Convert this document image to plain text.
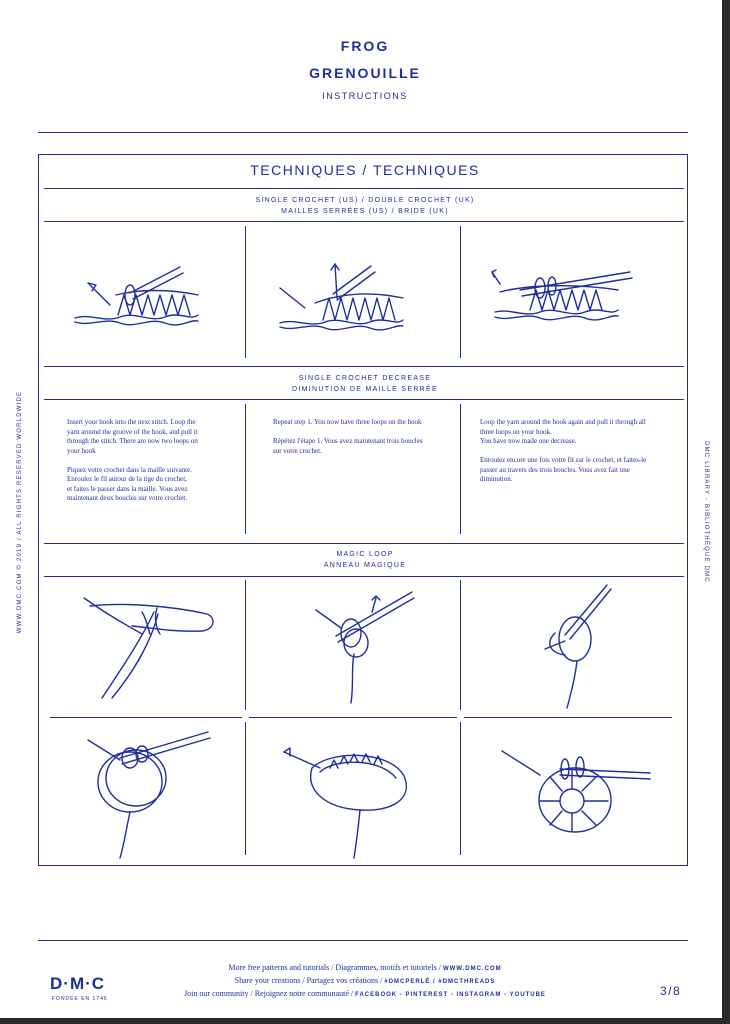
FROG
GRENOUILLE
INSTRUCTIONS
TECHNIQUES / TECHNIQUES
SINGLE CROCHET (US) / DOUBLE CROCHET (UK)
MAILLES SERRÉES (US) / BRIDE (UK)
SINGLE CROCHET DECREASE
DIMINUTION DE MAILLE SERRÉE
Insert your hook into the next stitch. Loop the
yarn around the groove of the hook, and pull it
through the stitch. There are now two loops on
your hook

Piquez votre crochet dans la maille suivante.
Enroulez le fil autour de la tige du crochet,
et faites le passer dans la maille. Vous avez
maintenant deux boucles sur votre crochet.
Repeat step 1. You now have three loops on the hook

Répétez l'étape 1. Vous avez maintenant trois boucles
sur votre crochet.
Loop the yarn around the hook again and pull it through all
three loops on your hook.
You have now made one decrease.

Enroulez encore une fois votre fil sur le crochet, et faites-le
passer au travers des trois boucles. Vous avez fait une
diminution.
MAGIC LOOP
ANNEAU MAGIQUE
WWW.DMC.COM © 2019 / ALL RIGHTS RESERVED WORLDWIDE	DMC LIBRARY - BIBLIOTHÈQUE DMC
D·M·C
FONDÉE EN 1746
More free patterns and tutorials / Diagrammes, motifs et tutoriels / WWW.DMC.COM
Share your creations / Partagez vos créations / #DMCPERLÉ / #DMCTHREADS
Join our community / Rejoignez notre communauté / FACEBOOK - PINTEREST - INSTAGRAM - YOUTUBE	3/8
